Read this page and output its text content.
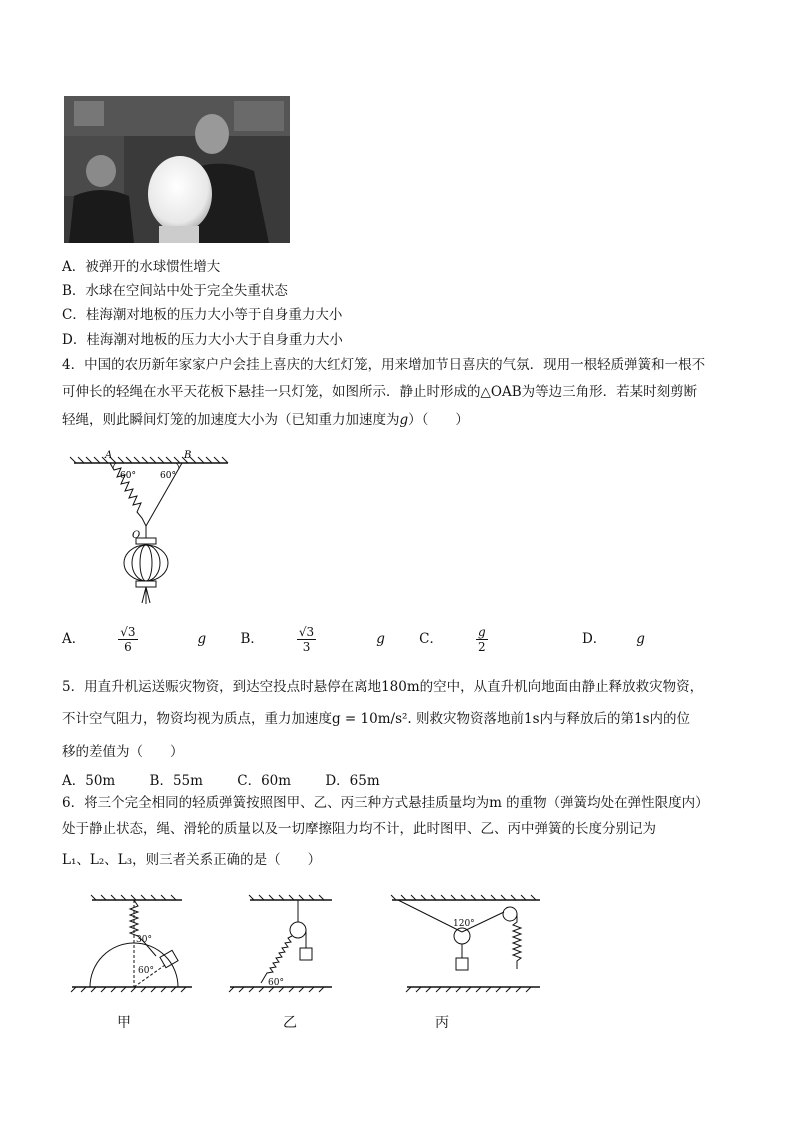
A．被弹开的水球惯性增大
B．水球在空间站中处于完全失重状态
C．桂海潮对地板的压力大小等于自身重力大小
D．桂海潮对地板的压力大小大于自身重力大小
4．中国的农历新年家家户户会挂上喜庆的大红灯笼，用来增加节日喜庆的气氛．现用一根轻质弹簧和一根不
可伸长的轻绳在水平天花板下悬挂一只灯笼，如图所示．静止时形成的△OAB为等边三角形．若某时刻剪断
轻绳，则此瞬间灯笼的加速度大小为（已知重力加速度为g）（　　）
A	B
O
60°	60°
A．	$\frac{√3}{6}$ g	B．	$\frac{√3}{3}$ g	C．	$\frac{g}{2}$	D． g
5．用直升机运送赈灾物资，到达空投点时悬停在离地180m的空中，从直升机向地面由静止释放救灾物资，
不计空气阻力，物资均视为质点，重力加速度g = 10m/s². 则救灾物资落地前1s内与释放后的第1s内的位
移的差值为（　　）
A．50m	B．55m	C．60m	D．65m
6．将三个完全相同的轻质弹簧按照图甲、乙、丙三种方式悬挂质量均为m 的重物（弹簧均处在弹性限度内）
处于静止状态，绳、滑轮的质量以及一切摩擦阻力均不计，此时图甲、乙、丙中弹簧的长度分别记为
L₁、L₂、L₃，则三者关系正确的是（　　）
30°
60°
60°
120°
甲	乙	丙
